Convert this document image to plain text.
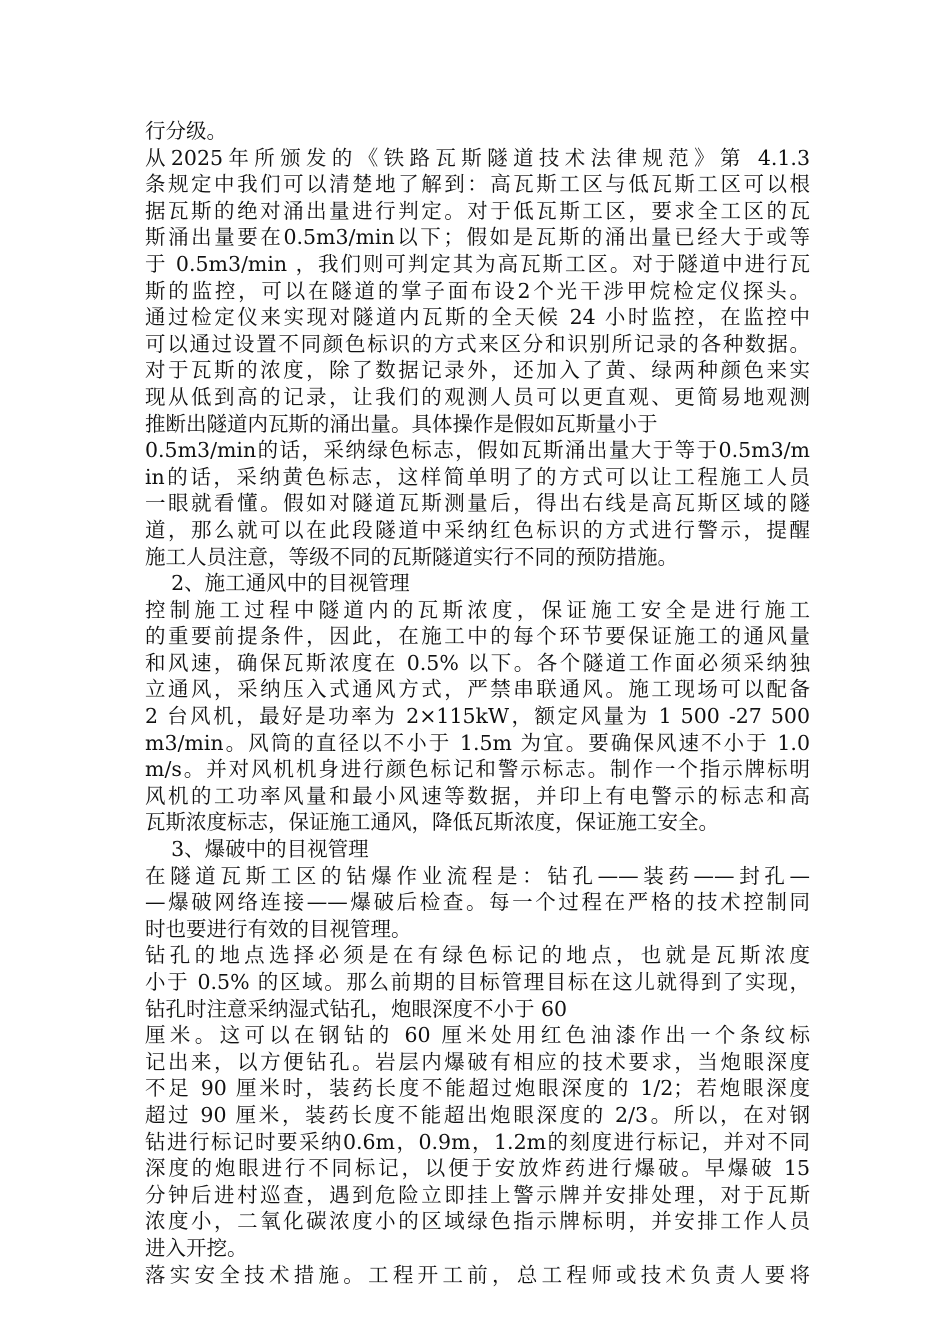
行分级。
从2025年所颁发的《铁路瓦斯隧道技术法律规范》第 4.1.3
条规定中我们可以清楚地了解到：高瓦斯工区与低瓦斯工区可以根
据瓦斯的绝对涌出量进行判定。对于低瓦斯工区，要求全工区的瓦
斯涌出量要在0.5m3/min以下；假如是瓦斯的涌出量已经大于或等
于 0.5m3/min ，我们则可判定其为高瓦斯工区。对于隧道中进行瓦
斯的监控，可以在隧道的掌子面布设2个光干涉甲烷检定仪探头。
通过检定仪来实现对隧道内瓦斯的全天候 24 小时监控，在监控中
可以通过设置不同颜色标识的方式来区分和识别所记录的各种数据。
对于瓦斯的浓度，除了数据记录外，还加入了黄、绿两种颜色来实
现从低到高的记录，让我们的观测人员可以更直观、更简易地观测
推断出隧道内瓦斯的涌出量。具体操作是假如瓦斯量小于
0.5m3/min的话，采纳绿色标志，假如瓦斯涌出量大于等于0.5m3/m
in的话，采纳黄色标志，这样简单明了的方式可以让工程施工人员
一眼就看懂。假如对隧道瓦斯测量后，得出右线是高瓦斯区域的隧
道，那么就可以在此段隧道中采纳红色标识的方式进行警示，提醒
施工人员注意，等级不同的瓦斯隧道实行不同的预防措施。
2、施工通风中的目视管理
控制施工过程中隧道内的瓦斯浓度，保证施工安全是进行施工
的重要前提条件，因此，在施工中的每个环节要保证施工的通风量
和风速，确保瓦斯浓度在 0.5% 以下。各个隧道工作面必须采纳独
立通风，采纳压入式通风方式，严禁串联通风。施工现场可以配备
2 台风机，最好是功率为 2×115kW，额定风量为 1 500 -27 500
m3/min。风筒的直径以不小于 1.5m 为宜。要确保风速不小于 1.0
m/s。并对风机机身进行颜色标记和警示标志。制作一个指示牌标明
风机的工功率风量和最小风速等数据，并印上有电警示的标志和高
瓦斯浓度标志，保证施工通风，降低瓦斯浓度，保证施工安全。
3、爆破中的目视管理
在隧道瓦斯工区的钻爆作业流程是：钻孔——装药——封孔—
—爆破网络连接——爆破后检查。每一个过程在严格的技术控制同
时也要进行有效的目视管理。
钻孔的地点选择必须是在有绿色标记的地点，也就是瓦斯浓度
小于 0.5% 的区域。那么前期的目标管理目标在这儿就得到了实现，
钻孔时注意采纳湿式钻孔，炮眼深度不小于 60
厘米。这可以在钢钻的 60 厘米处用红色油漆作出一个条纹标
记出来，以方便钻孔。岩层内爆破有相应的技术要求，当炮眼深度
不足 90 厘米时，装药长度不能超过炮眼深度的 1/2；若炮眼深度
超过 90 厘米，装药长度不能超出炮眼深度的 2/3。所以，在对钢
钻进行标记时要采纳0.6m，0.9m，1.2m的刻度进行标记，并对不同
深度的炮眼进行不同标记，以便于安放炸药进行爆破。早爆破 15
分钟后进村巡查，遇到危险立即挂上警示牌并安排处理，对于瓦斯
浓度小，二氧化碳浓度小的区域绿色指示牌标明，并安排工作人员
进入开挖。
落实安全技术措施。工程开工前，总工程师或技术负责人要将
